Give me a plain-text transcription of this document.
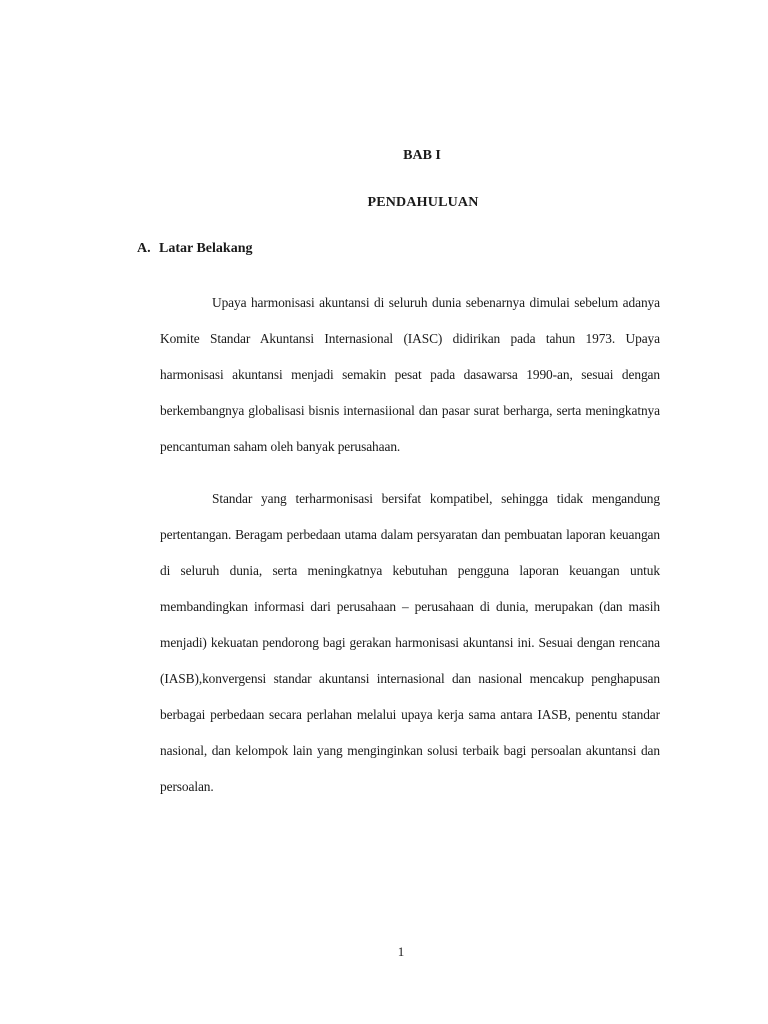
BAB I
PENDAHULUAN
A. Latar Belakang

Upaya harmonisasi akuntansi di seluruh dunia sebenarnya dimulai sebelum adanya Komite Standar Akuntansi Internasional (IASC) didirikan pada tahun 1973. Upaya harmonisasi akuntansi menjadi semakin pesat pada dasawarsa 1990-an, sesuai dengan berkembangnya globalisasi bisnis internasiional dan pasar surat berharga, serta meningkatnya pencantuman saham oleh banyak perusahaan.

Standar yang terharmonisasi bersifat kompatibel, sehingga tidak mengandung pertentangan. Beragam perbedaan utama dalam persyaratan dan pembuatan laporan keuangan di seluruh dunia, serta meningkatnya kebutuhan pengguna laporan keuangan untuk membandingkan informasi dari perusahaan – perusahaan di dunia, merupakan (dan masih menjadi) kekuatan pendorong bagi gerakan harmonisasi akuntansi ini. Sesuai dengan rencana (IASB),konvergensi standar akuntansi internasional dan nasional mencakup penghapusan berbagai perbedaan secara perlahan melalui upaya kerja sama antara IASB, penentu standar nasional, dan kelompok lain yang menginginkan solusi terbaik bagi persoalan akuntansi dan persoalan.

1
